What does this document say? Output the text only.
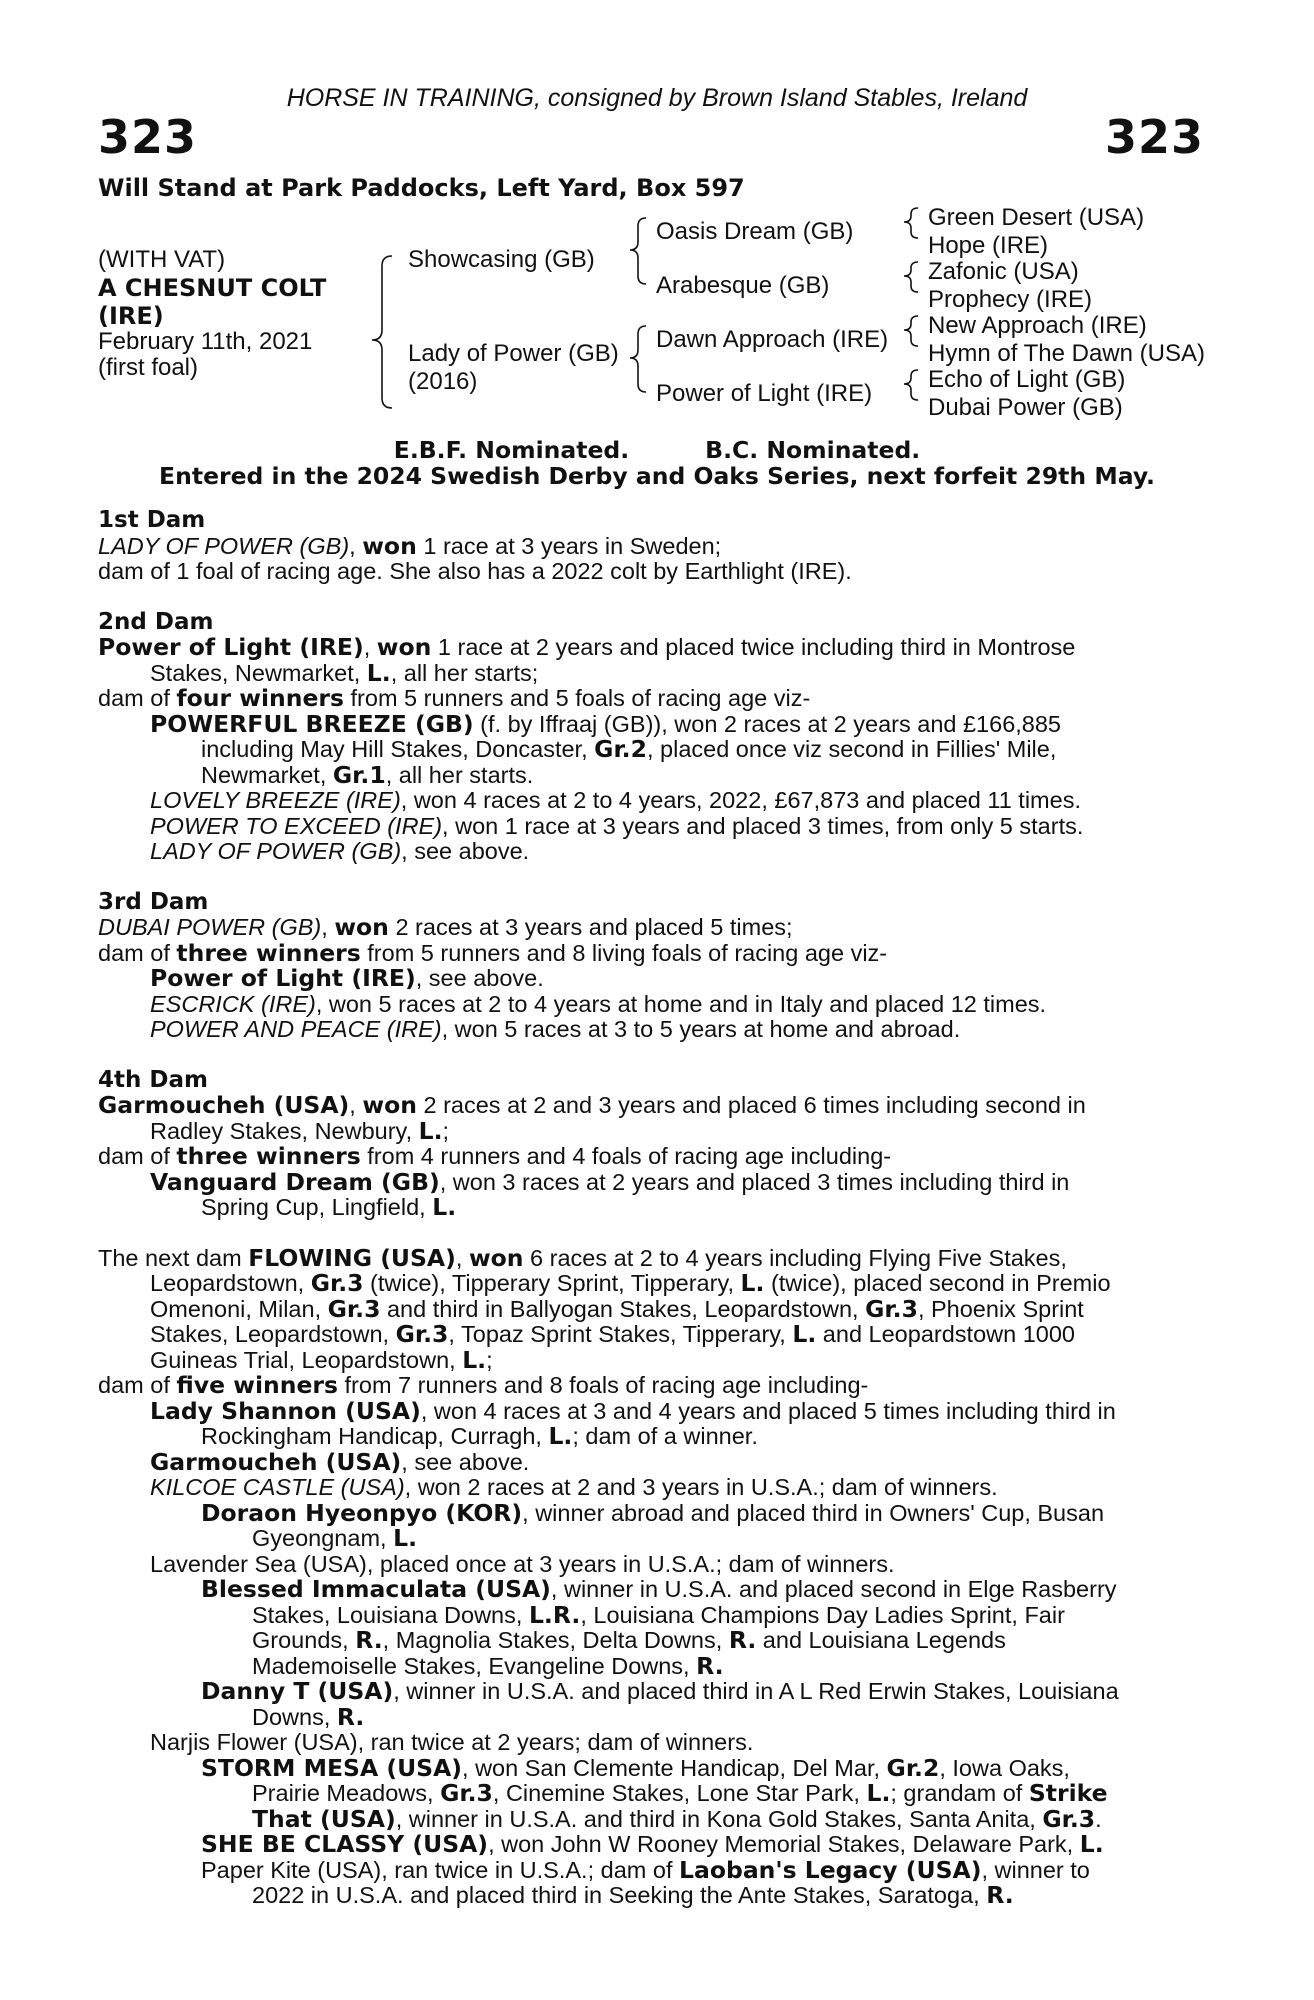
HORSE IN TRAINING, consigned by Brown Island Stables, Ireland
323	323
Will Stand at Park Paddocks, Left Yard, Box 597
(WITH VAT)
A CHESNUT COLT
(IRE)
February 11th, 2021
(first foal)
Showcasing (GB)
Lady of Power (GB)
(2016)
Oasis Dream (GB)
Arabesque (GB)
Dawn Approach (IRE)
Power of Light (IRE)
Green Desert (USA)
Hope (IRE)
Zafonic (USA)
Prophecy (IRE)
New Approach (IRE)
Hymn of The Dawn (USA)
Echo of Light (GB)
Dubai Power (GB)
E.B.F. Nominated.	B.C. Nominated.
Entered in the 2024 Swedish Derby and Oaks Series, next forfeit 29th May.
1st Dam
LADY OF POWER (GB), won 1 race at 3 years in Sweden;
dam of 1 foal of racing age. She also has a 2022 colt by Earthlight (IRE).
2nd Dam
Power of Light (IRE), won 1 race at 2 years and placed twice including third in Montrose
Stakes, Newmarket, L., all her starts;
dam of four winners from 5 runners and 5 foals of racing age viz-
POWERFUL BREEZE (GB) (f. by Iffraaj (GB)), won 2 races at 2 years and £166,885
including May Hill Stakes, Doncaster, Gr.2, placed once viz second in Fillies' Mile,
Newmarket, Gr.1, all her starts.
LOVELY BREEZE (IRE), won 4 races at 2 to 4 years, 2022, £67,873 and placed 11 times.
POWER TO EXCEED (IRE), won 1 race at 3 years and placed 3 times, from only 5 starts.
LADY OF POWER (GB), see above.
3rd Dam
DUBAI POWER (GB), won 2 races at 3 years and placed 5 times;
dam of three winners from 5 runners and 8 living foals of racing age viz-
Power of Light (IRE), see above.
ESCRICK (IRE), won 5 races at 2 to 4 years at home and in Italy and placed 12 times.
POWER AND PEACE (IRE), won 5 races at 3 to 5 years at home and abroad.
4th Dam
Garmoucheh (USA), won 2 races at 2 and 3 years and placed 6 times including second in
Radley Stakes, Newbury, L.;
dam of three winners from 4 runners and 4 foals of racing age including-
Vanguard Dream (GB), won 3 races at 2 years and placed 3 times including third in
Spring Cup, Lingfield, L.
The next dam FLOWING (USA), won 6 races at 2 to 4 years including Flying Five Stakes,
Leopardstown, Gr.3 (twice), Tipperary Sprint, Tipperary, L. (twice), placed second in Premio
Omenoni, Milan, Gr.3 and third in Ballyogan Stakes, Leopardstown, Gr.3, Phoenix Sprint
Stakes, Leopardstown, Gr.3, Topaz Sprint Stakes, Tipperary, L. and Leopardstown 1000
Guineas Trial, Leopardstown, L.;
dam of five winners from 7 runners and 8 foals of racing age including-
Lady Shannon (USA), won 4 races at 3 and 4 years and placed 5 times including third in
Rockingham Handicap, Curragh, L.; dam of a winner.
Garmoucheh (USA), see above.
KILCOE CASTLE (USA), won 2 races at 2 and 3 years in U.S.A.; dam of winners.
Doraon Hyeonpyo (KOR), winner abroad and placed third in Owners' Cup, Busan
Gyeongnam, L.
Lavender Sea (USA), placed once at 3 years in U.S.A.; dam of winners.
Blessed Immaculata (USA), winner in U.S.A. and placed second in Elge Rasberry
Stakes, Louisiana Downs, L.R., Louisiana Champions Day Ladies Sprint, Fair
Grounds, R., Magnolia Stakes, Delta Downs, R. and Louisiana Legends
Mademoiselle Stakes, Evangeline Downs, R.
Danny T (USA), winner in U.S.A. and placed third in A L Red Erwin Stakes, Louisiana
Downs, R.
Narjis Flower (USA), ran twice at 2 years; dam of winners.
STORM MESA (USA), won San Clemente Handicap, Del Mar, Gr.2, Iowa Oaks,
Prairie Meadows, Gr.3, Cinemine Stakes, Lone Star Park, L.; grandam of Strike
That (USA), winner in U.S.A. and third in Kona Gold Stakes, Santa Anita, Gr.3.
SHE BE CLASSY (USA), won John W Rooney Memorial Stakes, Delaware Park, L.
Paper Kite (USA), ran twice in U.S.A.; dam of Laoban's Legacy (USA), winner to
2022 in U.S.A. and placed third in Seeking the Ante Stakes, Saratoga, R.
